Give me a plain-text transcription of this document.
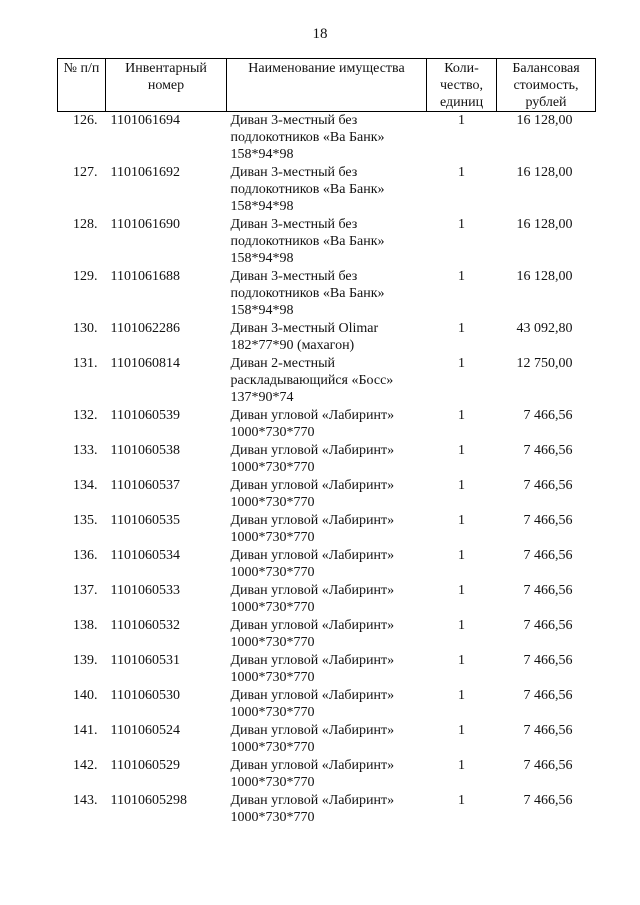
18
№ п/п	Инвентарный номер	Наименование имущества	Коли- чество, единиц	Балансовая стоимость, рублей
126.	1101061694	Диван 3-местный без подлокотников «Ва Банк» 158*94*98	1	16 128,00
127.	1101061692	Диван 3-местный без подлокотников «Ва Банк» 158*94*98	1	16 128,00
128.	1101061690	Диван 3-местный без подлокотников «Ва Банк» 158*94*98	1	16 128,00
129.	1101061688	Диван 3-местный без подлокотников «Ва Банк» 158*94*98	1	16 128,00
130.	1101062286	Диван 3-местный Olimar 182*77*90 (махагон)	1	43 092,80
131.	1101060814	Диван 2-местный раскладывающийся «Босс» 137*90*74	1	12 750,00
132.	1101060539	Диван угловой «Лабиринт» 1000*730*770	1	7 466,56
133.	1101060538	Диван угловой «Лабиринт» 1000*730*770	1	7 466,56
134.	1101060537	Диван угловой «Лабиринт» 1000*730*770	1	7 466,56
135.	1101060535	Диван угловой «Лабиринт» 1000*730*770	1	7 466,56
136.	1101060534	Диван угловой «Лабиринт» 1000*730*770	1	7 466,56
137.	1101060533	Диван угловой «Лабиринт» 1000*730*770	1	7 466,56
138.	1101060532	Диван угловой «Лабиринт» 1000*730*770	1	7 466,56
139.	1101060531	Диван угловой «Лабиринт» 1000*730*770	1	7 466,56
140.	1101060530	Диван угловой «Лабиринт» 1000*730*770	1	7 466,56
141.	1101060524	Диван угловой «Лабиринт» 1000*730*770	1	7 466,56
142.	1101060529	Диван угловой «Лабиринт» 1000*730*770	1	7 466,56
143.	11010605298	Диван угловой «Лабиринт» 1000*730*770	1	7 466,56
